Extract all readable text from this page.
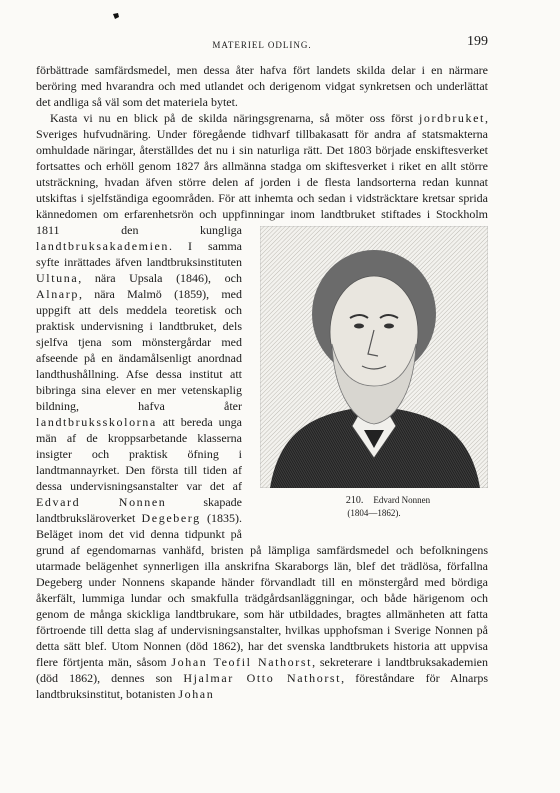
MATERIEL ODLING.	199

förbättrade samfärdsmedel, men dessa åter hafva fört landets skilda delar i en närmare beröring med hvarandra och med utlandet och derigenom vidgat synkretsen och underlättat det andliga så väl som det materiela bytet.

Kasta vi nu en blick på de skilda näringsgrenarna, så möter oss först jordbruket, Sveriges hufvudnäring. Under föregående tidhvarf tillbakasatt för andra af statsmakterna omhuldade näringar, återställdes det nu i sin naturliga rätt. Det 1803 började enskiftesverket fortsattes och erhöll genom 1827 års allmänna stadga om skiftesverket i riket en allt större utsträckning, hvadan äfven större delen af jorden i de flesta landsorterna redan kunnat utskiftas i sjelfständiga egoområden. För att inhemta och sedan i vidsträcktare kretsar sprida kännedomen om erfarenhetsrön och uppfinningar inom landtbruket stiftades i Stockholm 1811 den kungliga
210. Edvard Nonnen
(1804—1862).
landtbruksakademien. I samma syfte inrättades äfven landtbruksinstituten Ultuna, nära Upsala (1846), och Alnarp, nära Malmö (1859), med uppgift att dels meddela teoretisk och praktisk undervisning i landtbruket, dels sjelfva tjena som mönstergårdar med afseende på en ändamålsenligt anordnad landthushållning. Afse dessa institut att bibringa sina elever en mer vetenskaplig bildning, hafva åter landtbruksskolorna att bereda unga män af de kroppsarbetande klasserna insigter och praktisk öfning i landtmannayrket. Den första till tiden af dessa undervisningsanstalter var det af Edvard Nonnen skapade landtbruksläroverket Degeberg (1835). Beläget inom det vid denna tidpunkt på grund af egendomarnas vanhäfd, bristen på lämpliga samfärdsmedel och befolkningens utarmade belägenhet synnerligen illa anskrifna Skaraborgs län, blef det trädlösa, förfallna Degeberg under Nonnens skapande händer förvandladt till en mönstergård med bördiga åkerfält, lummiga lundar och smakfulla trädgårdsanläggningar, och både härigenom och genom de många skickliga landtbrukare, som här utbildades, bragtes allmänheten att fatta förtroende till detta slag af undervisningsanstalter, hvilkas upphofsman i Sverige Nonnen på detta sätt blef. Utom Nonnen (död 1862), har det svenska landtbrukets historia att uppvisa flere förtjenta män, såsom Johan Teofil Nathorst, sekreterare i landtbruksakademien (död 1862), dennes son Hjalmar Otto Nathorst, föreståndare för Alnarps landtbruksinstitut, botanisten Johan
